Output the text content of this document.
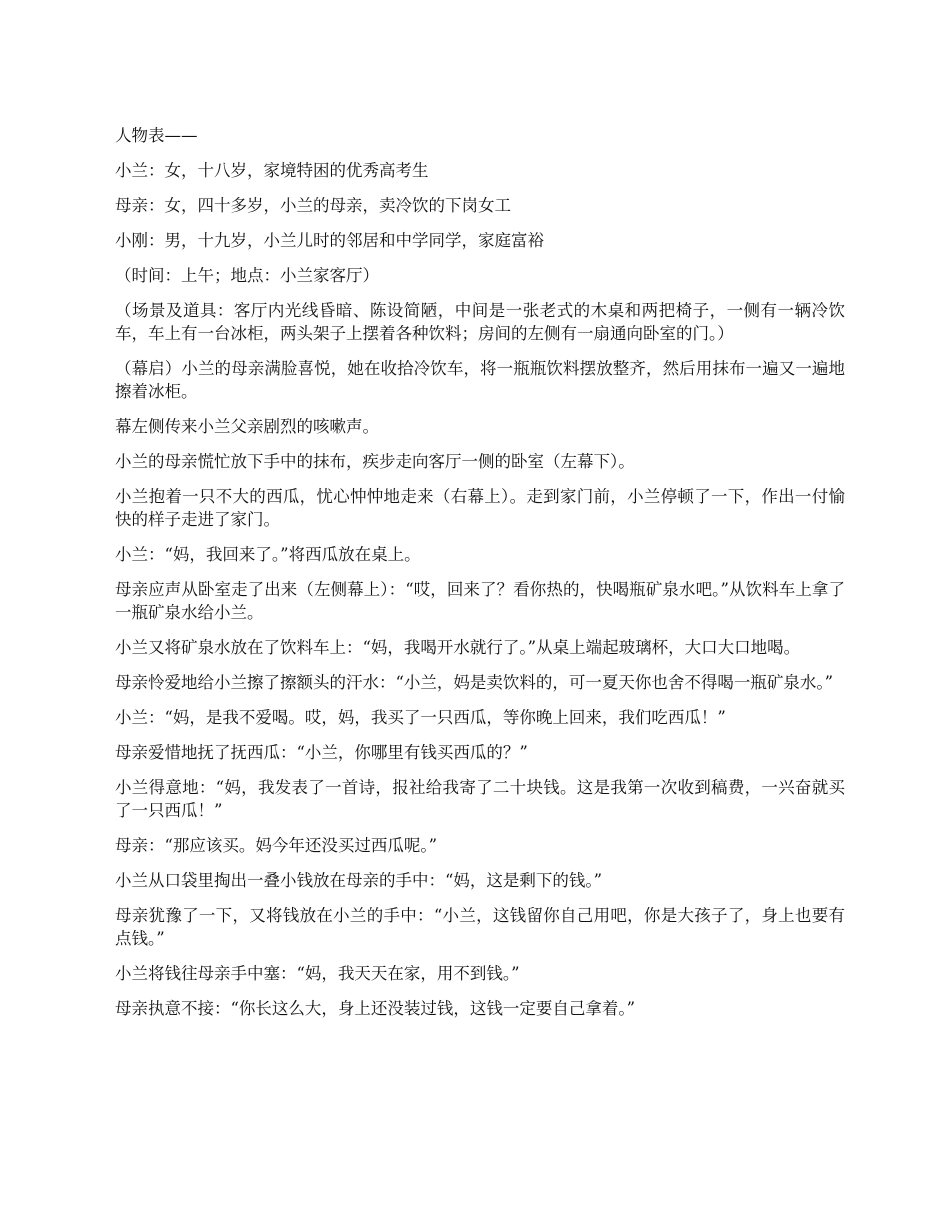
人物表——

小兰：女，十八岁，家境特困的优秀高考生

母亲：女，四十多岁，小兰的母亲，卖冷饮的下岗女工

小刚：男，十九岁，小兰儿时的邻居和中学同学，家庭富裕

（时间：上午；地点：小兰家客厅）

（场景及道具：客厅内光线昏暗、陈设简陋，中间是一张老式的木桌和两把椅子，一侧有一辆冷饮车，车上有一台冰柜，两头架子上摆着各种饮料；房间的左侧有一扇通向卧室的门。）

（幕启）小兰的母亲满脸喜悦，她在收拾冷饮车，将一瓶瓶饮料摆放整齐，然后用抹布一遍又一遍地擦着冰柜。

幕左侧传来小兰父亲剧烈的咳嗽声。

小兰的母亲慌忙放下手中的抹布，疾步走向客厅一侧的卧室（左幕下）。

小兰抱着一只不大的西瓜，忧心忡忡地走来（右幕上）。走到家门前，小兰停顿了一下，作出一付愉快的样子走进了家门。

小兰：“妈，我回来了。”将西瓜放在桌上。

母亲应声从卧室走了出来（左侧幕上）：“哎，回来了？看你热的，快喝瓶矿泉水吧。”从饮料车上拿了一瓶矿泉水给小兰。

小兰又将矿泉水放在了饮料车上：“妈，我喝开水就行了。”从桌上端起玻璃杯，大口大口地喝。

母亲怜爱地给小兰擦了擦额头的汗水：“小兰，妈是卖饮料的，可一夏天你也舍不得喝一瓶矿泉水。”

小兰：“妈，是我不爱喝。哎，妈，我买了一只西瓜，等你晚上回来，我们吃西瓜！”

母亲爱惜地抚了抚西瓜：“小兰，你哪里有钱买西瓜的？”

小兰得意地：“妈，我发表了一首诗，报社给我寄了二十块钱。这是我第一次收到稿费，一兴奋就买了一只西瓜！”

母亲：“那应该买。妈今年还没买过西瓜呢。”

小兰从口袋里掏出一叠小钱放在母亲的手中：“妈，这是剩下的钱。”

母亲犹豫了一下，又将钱放在小兰的手中：“小兰，这钱留你自己用吧，你是大孩子了，身上也要有点钱。”

小兰将钱往母亲手中塞：“妈，我天天在家，用不到钱。”

母亲执意不接：“你长这么大，身上还没装过钱，这钱一定要自己拿着。”
